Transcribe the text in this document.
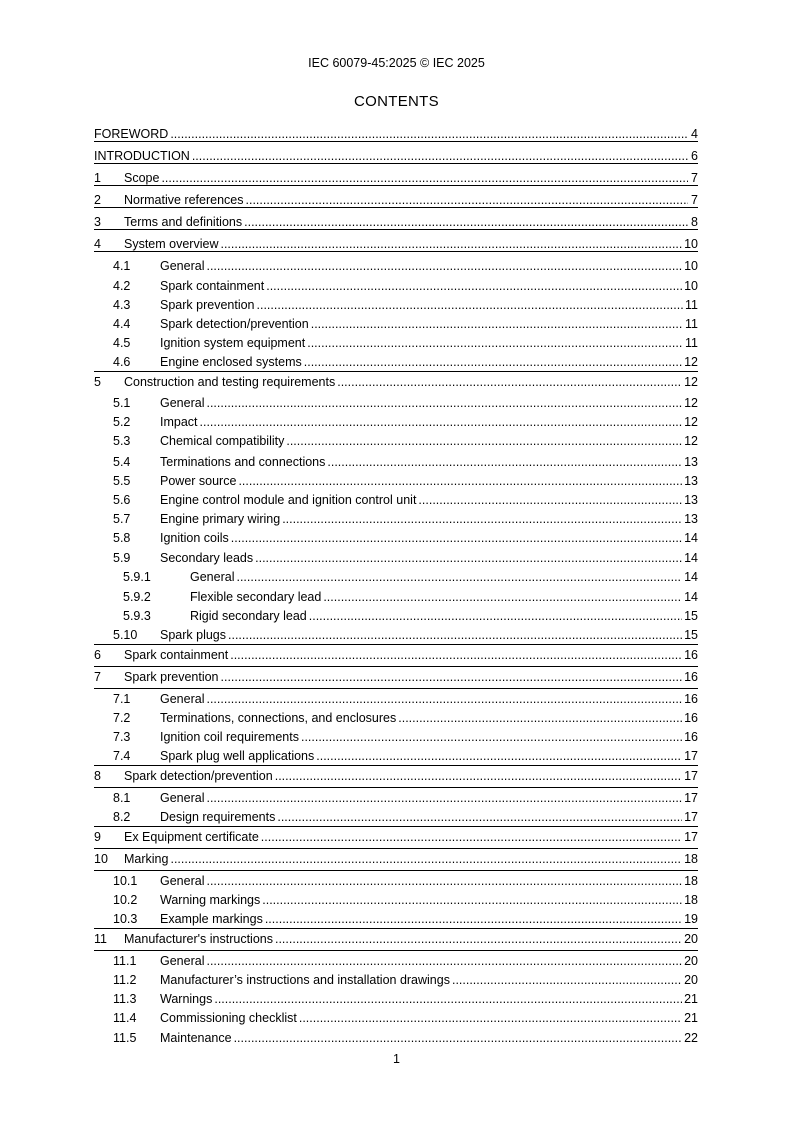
IEC 60079-45:2025 © IEC 2025
CONTENTS
FOREWORD .....	4
INTRODUCTION .....	6
1	Scope .....	7
2	Normative references .....	7
3	Terms and definitions .....	8
4	System overview .....	10
4.1	General .....	10
4.2	Spark containment .....	10
4.3	Spark prevention .....	11
4.4	Spark detection/prevention .....	11
4.5	Ignition system equipment .....	11
4.6	Engine enclosed systems .....	12
5	Construction and testing requirements .....	12
5.1	General .....	12
5.2	Impact .....	12
5.3	Chemical compatibility .....	12
5.4	Terminations and connections .....	13
5.5	Power source .....	13
5.6	Engine control module and ignition control unit .....	13
5.7	Engine primary wiring .....	13
5.8	Ignition coils .....	14
5.9	Secondary leads .....	14
5.9.1	General .....	14
5.9.2	Flexible secondary lead .....	14
5.9.3	Rigid secondary lead .....	15
5.10	Spark plugs .....	15
6	Spark containment .....	16
7	Spark prevention .....	16
7.1	General .....	16
7.2	Terminations, connections, and enclosures .....	16
7.3	Ignition coil requirements .....	16
7.4	Spark plug well applications .....	17
8	Spark detection/prevention .....	17
8.1	General .....	17
8.2	Design requirements .....	17
9	Ex Equipment certificate .....	17
10	Marking .....	18
10.1	General .....	18
10.2	Warning markings .....	18
10.3	Example markings .....	19
11	Manufacturer's instructions .....	20
11.1	General .....	20
11.2	Manufacturer’s instructions and installation drawings .....	20
11.3	Warnings .....	21
11.4	Commissioning checklist .....	21
11.5	Maintenance .....	22
1
